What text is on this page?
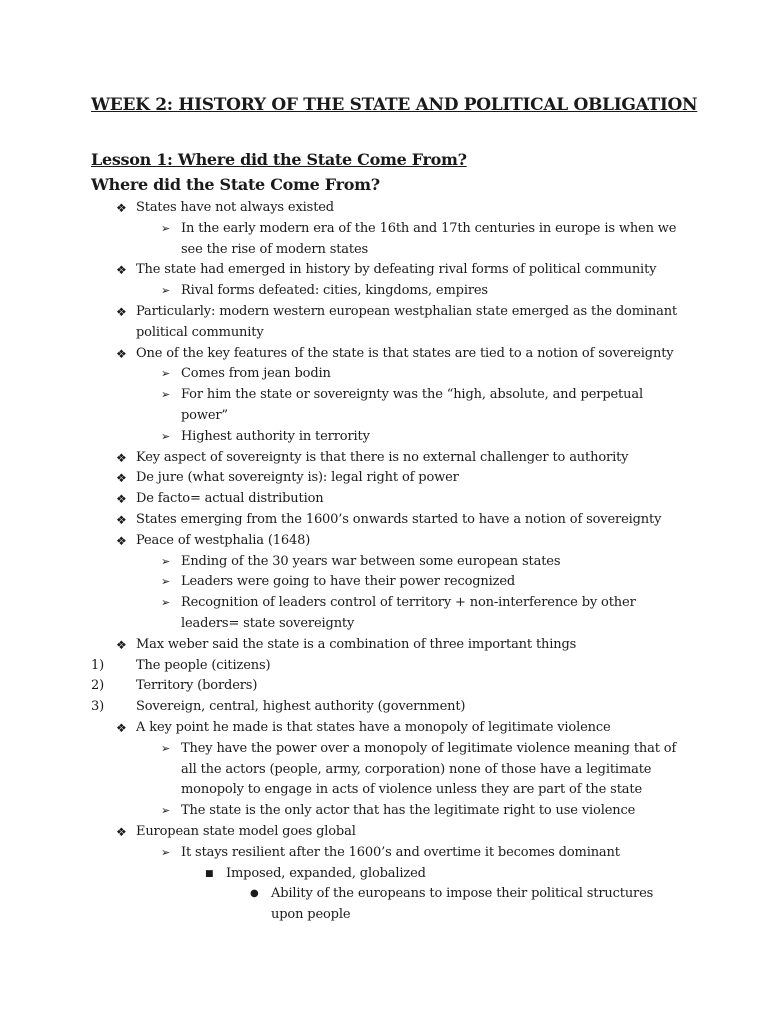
WEEK 2: HISTORY OF THE STATE AND POLITICAL OBLIGATION
Lesson 1: Where did the State Come From?
Where did the State Come From?
❖ States have not always existed
➢ In the early modern era of the 16th and 17th centuries in europe is when we
see the rise of modern states
❖ The state had emerged in history by defeating rival forms of political community
➢ Rival forms defeated: cities, kingdoms, empires
❖ Particularly: modern western european westphalian state emerged as the dominant
political community
❖ One of the key features of the state is that states are tied to a notion of sovereignty
➢ Comes from jean bodin
➢ For him the state or sovereignty was the “high, absolute, and perpetual
power”
➢ Highest authority in terrority
❖ Key aspect of sovereignty is that there is no external challenger to authority
❖ De jure (what sovereignty is): legal right of power
❖ De facto= actual distribution
❖ States emerging from the 1600’s onwards started to have a notion of sovereignty
❖ Peace of westphalia (1648)
➢ Ending of the 30 years war between some european states
➢ Leaders were going to have their power recognized
➢ Recognition of leaders control of territory + non-interference by other
leaders= state sovereignty
❖ Max weber said the state is a combination of three important things
1) The people (citizens)
2) Territory (borders)
3) Sovereign, central, highest authority (government)
❖ A key point he made is that states have a monopoly of legitimate violence
➢ They have the power over a monopoly of legitimate violence meaning that of
all the actors (people, army, corporation) none of those have a legitimate
monopoly to engage in acts of violence unless they are part of the state
➢ The state is the only actor that has the legitimate right to use violence
❖ European state model goes global
➢ It stays resilient after the 1600’s and overtime it becomes dominant
■ Imposed, expanded, globalized
● Ability of the europeans to impose their political structures
upon people
